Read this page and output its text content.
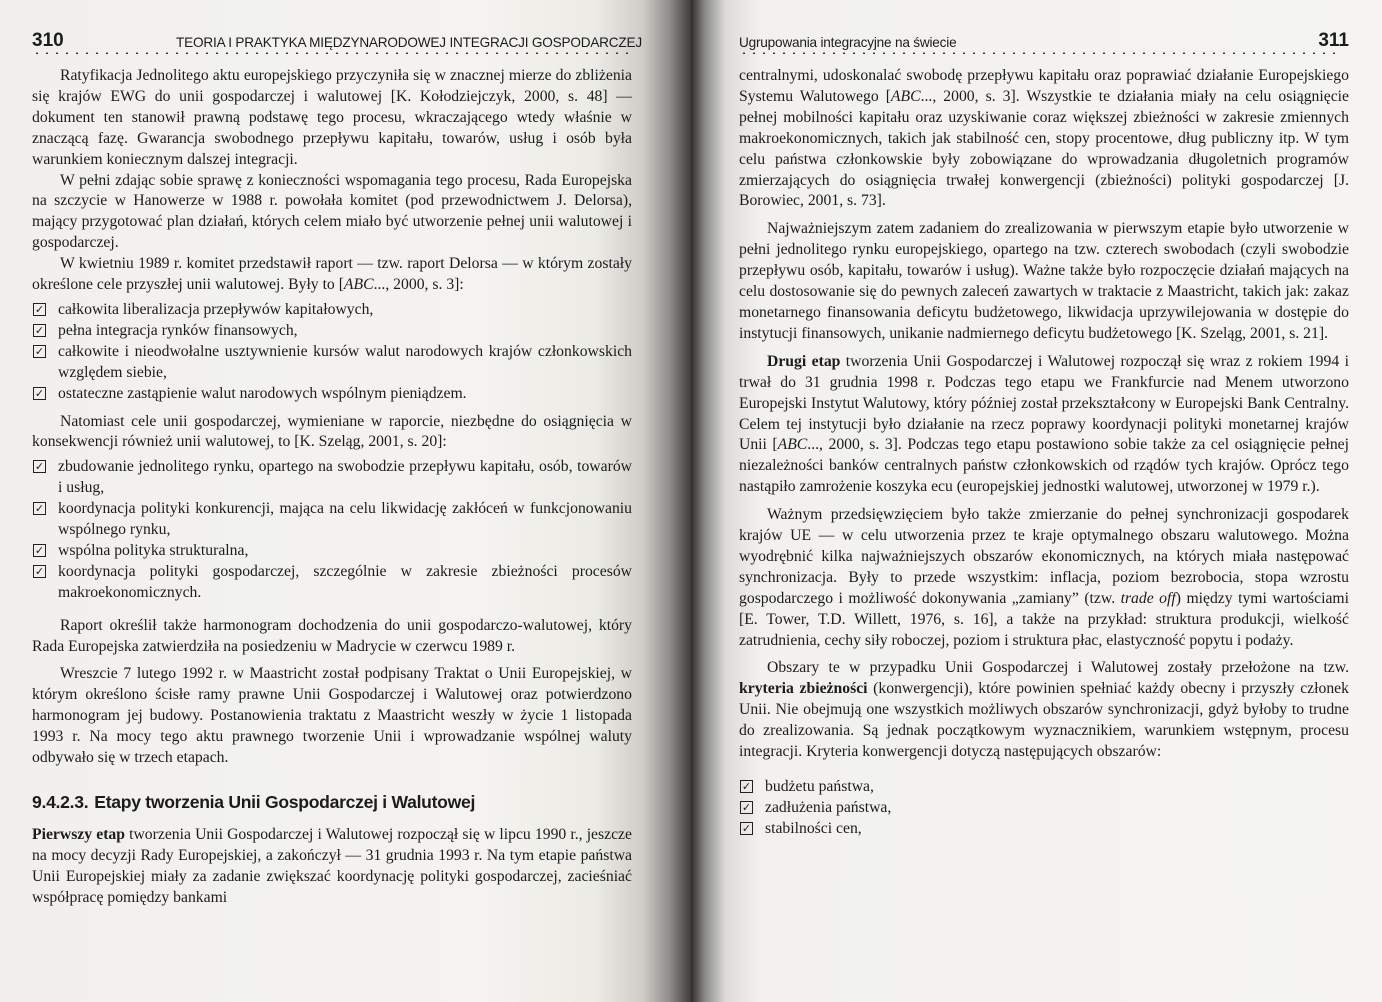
310	TEORIA I PRAKTYKA MIĘDZYNARODOWEJ INTEGRACJI GOSPODARCZEJ

Ratyfikacja Jednolitego aktu europejskiego przyczyniła się w znacznej mierze do zbliżenia się krajów EWG do unii gospodarczej i walutowej [K. Kołodziejczyk, 2000, s. 48] — dokument ten stanowił prawną podstawę tego procesu, wkraczającego wtedy właśnie w znaczącą fazę. Gwarancja swobodnego przepływu kapitału, towarów, usług i osób była warunkiem koniecznym dalszej integracji.

W pełni zdając sobie sprawę z konieczności wspomagania tego procesu, Rada Europejska na szczycie w Hanowerze w 1988 r. powołała komitet (pod przewodnictwem J. Delorsa), mający przygotować plan działań, których celem miało być utworzenie pełnej unii walutowej i gospodarczej.

W kwietniu 1989 r. komitet przedstawił raport — tzw. raport Delorsa — w którym zostały określone cele przyszłej unii walutowej. Były to [ABC..., 2000, s. 3]:

✓ całkowita liberalizacja przepływów kapitałowych,
✓ pełna integracja rynków finansowych,
✓ całkowite i nieodwołalne usztywnienie kursów walut narodowych krajów członkowskich względem siebie,
✓ ostateczne zastąpienie walut narodowych wspólnym pieniądzem.

Natomiast cele unii gospodarczej, wymieniane w raporcie, niezbędne do osiągnięcia w konsekwencji również unii walutowej, to [K. Szeląg, 2001, s. 20]:

✓ zbudowanie jednolitego rynku, opartego na swobodzie przepływu kapitału, osób, towarów i usług,
✓ koordynacja polityki konkurencji, mająca na celu likwidację zakłóceń w funkcjonowaniu wspólnego rynku,
✓ wspólna polityka strukturalna,
✓ koordynacja polityki gospodarczej, szczególnie w zakresie zbieżności procesów makroekonomicznych.

Raport określił także harmonogram dochodzenia do unii gospodarczo-walutowej, który Rada Europejska zatwierdziła na posiedzeniu w Madrycie w czerwcu 1989 r.

Wreszcie 7 lutego 1992 r. w Maastricht został podpisany Traktat o Unii Europejskiej, w którym określono ścisłe ramy prawne Unii Gospodarczej i Walutowej oraz potwierdzono harmonogram jej budowy. Postanowienia traktatu z Maastricht weszły w życie 1 listopada 1993 r. Na mocy tego aktu prawnego tworzenie Unii i wprowadzanie wspólnej waluty odbywało się w trzech etapach.

9.4.2.3. Etapy tworzenia Unii Gospodarczej i Walutowej

Pierwszy etap tworzenia Unii Gospodarczej i Walutowej rozpoczął się w lipcu 1990 r., jeszcze na mocy decyzji Rady Europejskiej, a zakończył — 31 grudnia 1993 r. Na tym etapie państwa Unii Europejskiej miały za zadanie zwiększać koordynację polityki gospodarczej, zacieśniać współpracę pomiędzy bankami

Ugrupowania integracyjne na świecie	311

centralnymi, udoskonalać swobodę przepływu kapitału oraz poprawiać działanie Europejskiego Systemu Walutowego [ABC..., 2000, s. 3]. Wszystkie te działania miały na celu osiągnięcie pełnej mobilności kapitału oraz uzyskiwanie coraz większej zbieżności w zakresie zmiennych makroekonomicznych, takich jak stabilność cen, stopy procentowe, dług publiczny itp. W tym celu państwa członkowskie były zobowiązane do wprowadzania długoletnich programów zmierzających do osiągnięcia trwałej konwergencji (zbieżności) polityki gospodarczej [J. Borowiec, 2001, s. 73].

Najważniejszym zatem zadaniem do zrealizowania w pierwszym etapie było utworzenie w pełni jednolitego rynku europejskiego, opartego na tzw. czterech swobodach (czyli swobodzie przepływu osób, kapitału, towarów i usług). Ważne także było rozpoczęcie działań mających na celu dostosowanie się do pewnych zaleceń zawartych w traktacie z Maastricht, takich jak: zakaz monetarnego finansowania deficytu budżetowego, likwidacja uprzywilejowania w dostępie do instytucji finansowych, unikanie nadmiernego deficytu budżetowego [K. Szeląg, 2001, s. 21].

Drugi etap tworzenia Unii Gospodarczej i Walutowej rozpoczął się wraz z rokiem 1994 i trwał do 31 grudnia 1998 r. Podczas tego etapu we Frankfurcie nad Menem utworzono Europejski Instytut Walutowy, który później został przekształcony w Europejski Bank Centralny. Celem tej instytucji było działanie na rzecz poprawy koordynacji polityki monetarnej krajów Unii [ABC..., 2000, s. 3]. Podczas tego etapu postawiono sobie także za cel osiągnięcie pełnej niezależności banków centralnych państw członkowskich od rządów tych krajów. Oprócz tego nastąpiło zamrożenie koszyka ecu (europejskiej jednostki walutowej, utworzonej w 1979 r.).

Ważnym przedsięwzięciem było także zmierzanie do pełnej synchronizacji gospodarek krajów UE — w celu utworzenia przez te kraje optymalnego obszaru walutowego. Można wyodrębnić kilka najważniejszych obszarów ekonomicznych, na których miała następować synchronizacja. Były to przede wszystkim: inflacja, poziom bezrobocia, stopa wzrostu gospodarczego i możliwość dokonywania „zamiany” (tzw. trade off) między tymi wartościami [E. Tower, T.D. Willett, 1976, s. 16], a także na przykład: struktura produkcji, wielkość zatrudnienia, cechy siły roboczej, poziom i struktura płac, elastyczność popytu i podaży.

Obszary te w przypadku Unii Gospodarczej i Walutowej zostały przełożone na tzw. kryteria zbieżności (konwergencji), które powinien spełniać każdy obecny i przyszły członek Unii. Nie obejmują one wszystkich możliwych obszarów synchronizacji, gdyż byłoby to trudne do zrealizowania. Są jednak początkowym wyznacznikiem, warunkiem wstępnym, procesu integracji. Kryteria konwergencji dotyczą następujących obszarów:

✓ budżetu państwa,
✓ zadłużenia państwa,
✓ stabilności cen,
